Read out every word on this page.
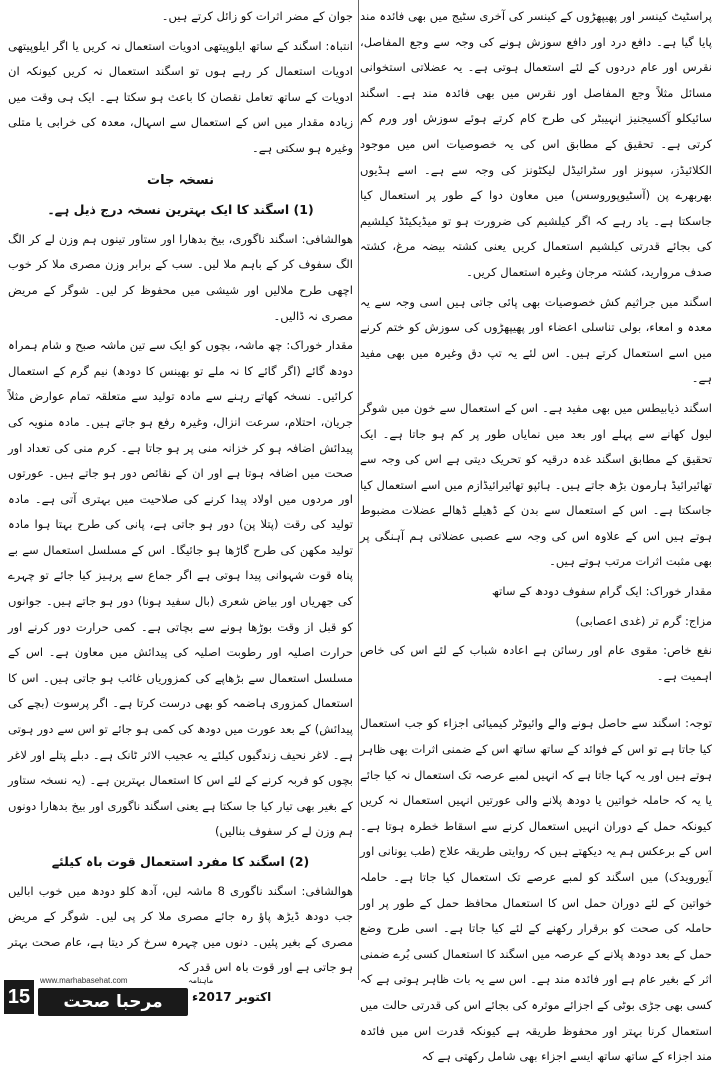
پراسٹیٹ کینسر اور پھیپھڑوں کے کینسر کی آخری سٹیج میں بھی فائدہ مند پایا گیا ہے۔ دافع درد اور دافع سوزش ہونے کی وجہ سے وجع المفاصل، نقرس اور عام دردوں کے لئے استعمال ہوتی ہے۔ یہ عضلاتی استخوانی مسائل مثلاً وجع المفاصل اور نقرس میں بھی فائدہ مند ہے۔ اسگند سائیکلو آکسیجنیز انہیبٹر کی طرح کام کرتے ہوئے سوزش اور ورم کم کرتی ہے۔ تحقیق کے مطابق اس کی یہ خصوصیات اس میں موجود الکلائیڈز، سپونز اور سٹرائیڈل لیکٹونز کی وجہ سے ہے۔ اسے ہڈیوں بھربھرے پن (آسٹیوپوروسس) میں معاون دوا کے طور پر استعمال کیا جاسکتا ہے۔ یاد رہے کہ اگر کیلشیم کی ضرورت ہو تو میڈیکیٹڈ کیلشیم کی بجائے قدرتی کیلشیم استعمال کریں یعنی کشتہ بیضہ مرغ، کشتہ صدف مروارید، کشتہ مرجان وغیرہ استعمال کریں۔

اسگند میں جراثیم کش خصوصیات بھی پائی جاتی ہیں اسی وجہ سے یہ معدہ و امعاء، بولی تناسلی اعضاء اور پھیپھڑوں کی سوزش کو ختم کرنے میں اسے استعمال کرتے ہیں۔ اس لئے یہ تپ دق وغیرہ میں بھی مفید ہے۔

اسگند ذیابیطس میں بھی مفید ہے۔ اس کے استعمال سے خون میں شوگر لیول کھانے سے پہلے اور بعد میں نمایاں طور پر کم ہو جاتا ہے۔ ایک تحقیق کے مطابق اسگند غدہ درقیہ کو تحریک دیتی ہے اس کی وجہ سے تھائیرائیڈ ہارمون بڑھ جاتے ہیں۔ ہائپو تھائیرائیڈازم میں اسے استعمال کیا جاسکتا ہے۔ اس کے استعمال سے بدن کے ڈھیلے ڈھالے عضلات مضبوط ہوتے ہیں اس کے علاوہ اس کی وجہ سے عصبی عضلاتی ہم آہنگی پر بھی مثبت اثرات مرتب ہوتے ہیں۔

مقدار خوراک: ایک گرام سفوف دودھ کے ساتھ

مزاج: گرم تر (غدی اعصابی)

نفع خاص: مقوی عام اور رسائن ہے اعادہ شباب کے لئے اس کی خاص اہمیت ہے۔

توجہ: اسگند سے حاصل ہونے والے وائیوٹر کیمیائی اجزاء کو جب استعمال کیا جاتا ہے تو اس کے فوائد کے ساتھ ساتھ اس کے ضمنی اثرات بھی ظاہر ہوتے ہیں اور یہ کہا جاتا ہے کہ انہیں لمبے عرصہ تک استعمال نہ کیا جائے یا یہ کہ حاملہ خواتین یا دودھ پلانے والی عورتیں انہیں استعمال نہ کریں کیونکہ حمل کے دوران انہیں استعمال کرنے سے اسقاط خطرہ ہوتا ہے۔ اس کے برعکس ہم یہ دیکھتے ہیں کہ روایتی طریقہ علاج (طب یونانی اور آیورویدک) میں اسگند کو لمبے عرصے تک استعمال کیا جاتا ہے۔ حاملہ خواتین کے لئے دوران حمل اس کا استعمال محافظ حمل کے طور پر اور حاملہ کی صحت کو برقرار رکھنے کے لئے کیا جاتا ہے۔ اسی طرح وضع حمل کے بعد دودھ پلانے کے عرصہ میں اسگند کا استعمال کسی بُرے ضمنی اثر کے بغیر عام ہے اور فائدہ مند ہے۔ اس سے یہ بات ظاہر ہوتی ہے کہ کسی بھی جڑی بوٹی کے اجزائے موثرہ کی بجائے اس کی قدرتی حالت میں استعمال کرنا بہتر اور محفوظ طریقہ ہے کیونکہ قدرت اس میں فائدہ مند اجزاء کے ساتھ ساتھ ایسے اجزاء بھی شامل رکھتی ہے کہ

جوان کے مضر اثرات کو زائل کرتے ہیں۔

انتباہ: اسگند کے ساتھ ایلوپیتھی ادویات استعمال نہ کریں یا اگر ایلوپیتھی ادویات استعمال کر رہے ہوں تو اسگند استعمال نہ کریں کیونکہ ان ادویات کے ساتھ تعامل نقصان کا باعث ہو سکتا ہے۔ ایک ہی وقت میں زیادہ مقدار میں اس کے استعمال سے اسہال، معدہ کی خرابی یا متلی وغیرہ ہو سکتی ہے۔

نسخہ جات
(1) اسگند کا ایک بہترین نسخہ درج ذیل ہے۔

ھوالشافی: اسگند ناگوری، بیخ بدھارا اور ستاور تینوں ہم وزن لے کر الگ الگ سفوف کر کے باہم ملا لیں۔ سب کے برابر وزن مصری ملا کر خوب اچھی طرح ملالیں اور شیشی میں محفوظ کر لیں۔ شوگر کے مریض مصری نہ ڈالیں۔

مقدار خوراک: چھ ماشہ، بچوں کو ایک سے تین ماشہ صبح و شام ہمراہ دودھ گائے (اگر گائے کا نہ ملے تو بھینس کا دودھ) نیم گرم کے استعمال کرائیں۔ نسخہ کھاتے رہنے سے مادہ تولید سے متعلقہ تمام عوارض مثلاً جریان، احتلام، سرعت انزال، وغیرہ رفع ہو جاتے ہیں۔ مادہ منویہ کی پیدائش اضافہ ہو کر خزانہ منی پر ہو جاتا ہے۔ کرم منی کی تعداد اور صحت میں اضافہ ہوتا ہے اور ان کے نقائص دور ہو جاتے ہیں۔ عورتوں اور مردوں میں اولاد پیدا کرنے کی صلاحیت میں بہتری آتی ہے۔ مادہ تولید کی رقت (پتلا پن) دور ہو جاتی ہے، پانی کی طرح بہتا ہوا مادہ تولید مکھن کی طرح گاڑھا ہو جائیگا۔ اس کے مسلسل استعمال سے بے پناہ قوت شہوانی پیدا ہوتی ہے اگر جماع سے پرہیز کیا جائے تو چہرے کی جھریاں اور بیاض شعری (بال سفید ہونا) دور ہو جاتے ہیں۔ جوانوں کو قبل از وقت بوڑھا ہونے سے بچاتی ہے۔ کمی حرارت دور کرنے اور حرارت اصلیہ اور رطوبت اصلیہ کی پیدائش میں معاون ہے۔ اس کے مسلسل استعمال سے بڑھاپے کی کمزوریاں غائب ہو جاتی ہیں۔ اس کا استعمال کمزوری ہاضمہ کو بھی درست کرتا ہے۔ اگر پرسوت (بچے کی پیدائش) کے بعد عورت میں دودھ کی کمی ہو جائے تو اس سے دور ہوتی ہے۔ لاغر نحیف زندگیوں کیلئے یہ عجیب الاثر ٹانک ہے۔ دبلے پتلے اور لاغر بچوں کو فربہ کرنے کے لئے اس کا استعمال بہترین ہے۔ (یہ نسخہ ستاور کے بغیر بھی تیار کیا جا سکتا ہے یعنی اسگند ناگوری اور بیخ بدھارا دونوں ہم وزن لے کر سفوف بنالیں)

(2) اسگند کا مفرد استعمال قوت باہ کیلئے

ھوالشافی: اسگند ناگوری 8 ماشہ لیں، آدھ کلو دودھ میں خوب ابالیں جب دودھ ڈیڑھ پاؤ رہ جائے مصری ملا کر پی لیں۔ شوگر کے مریض مصری کے بغیر پئیں۔ دنوں میں چہرہ سرخ کر دیتا ہے، عام صحت بہتر ہو جاتی ہے اور قوت باہ اس قدر کہ

15
www.marhabasehat.com
مرحبا صحت
ماہنامہ
اکتوبر 2017ء
